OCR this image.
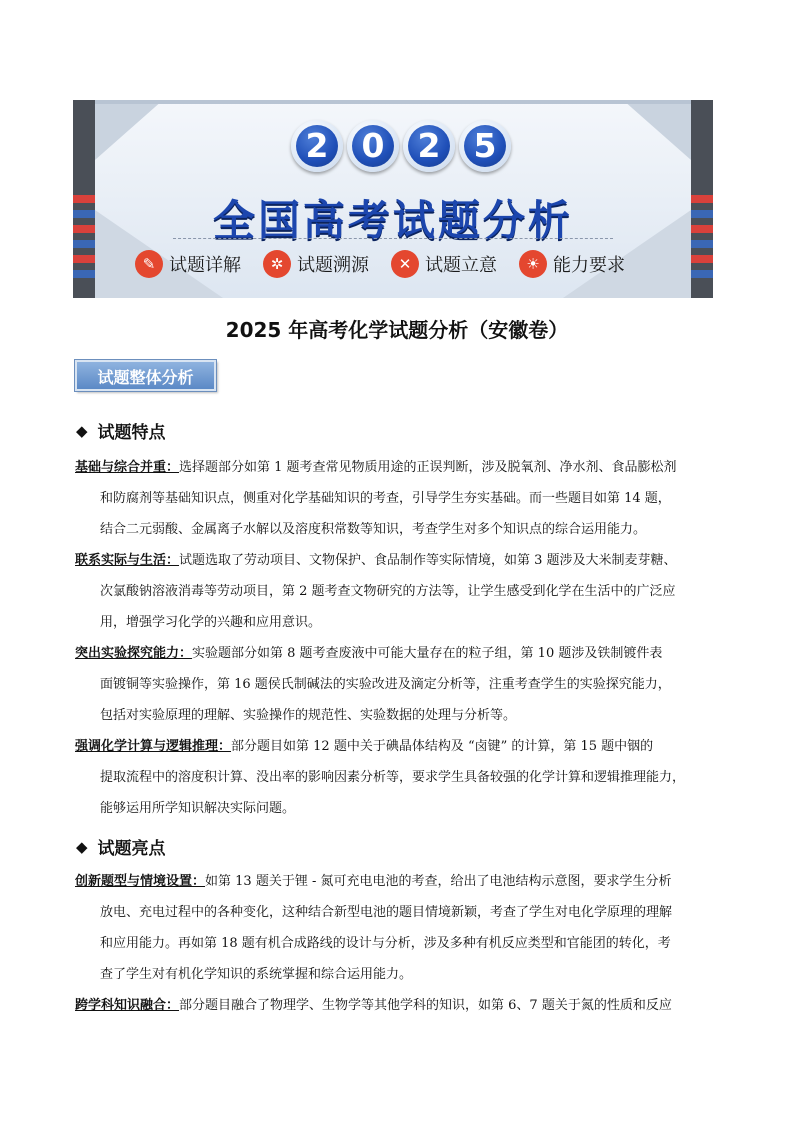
2 0 2 5
全国高考试题分析
✎ 试题详解 ✲ 试题溯源 ✕ 试题立意 ☀ 能力要求
2025 年高考化学试题分析（安徽卷）
试题整体分析
◆ 试题特点
基础与综合并重：选择题部分如第 1 题考查常见物质用途的正误判断，涉及脱氧剂、净水剂、食品膨松剂
和防腐剂等基础知识点，侧重对化学基础知识的考查，引导学生夯实基础。而一些题目如第 14 题，
结合二元弱酸、金属离子水解以及溶度积常数等知识，考查学生对多个知识点的综合运用能力。
联系实际与生活：试题选取了劳动项目、文物保护、食品制作等实际情境，如第 3 题涉及大米制麦芽糖、
次氯酸钠溶液消毒等劳动项目，第 2 题考查文物研究的方法等，让学生感受到化学在生活中的广泛应
用，增强学习化学的兴趣和应用意识。
突出实验探究能力：实验题部分如第 8 题考查废液中可能大量存在的粒子组，第 10 题涉及铁制镀件表
面镀铜等实验操作，第 16 题侯氏制碱法的实验改进及滴定分析等，注重考查学生的实验探究能力，
包括对实验原理的理解、实验操作的规范性、实验数据的处理与分析等。
强调化学计算与逻辑推理：部分题目如第 12 题中关于碘晶体结构及 “卤键” 的计算，第 15 题中铟的
提取流程中的溶度积计算、没出率的影响因素分析等，要求学生具备较强的化学计算和逻辑推理能力，
能够运用所学知识解决实际问题。
◆ 试题亮点
创新题型与情境设置：如第 13 题关于锂 - 氮可充电电池的考查，给出了电池结构示意图，要求学生分析
放电、充电过程中的各种变化，这种结合新型电池的题目情境新颖，考查了学生对电化学原理的理解
和应用能力。再如第 18 题有机合成路线的设计与分析，涉及多种有机反应类型和官能团的转化，考
查了学生对有机化学知识的系统掌握和综合运用能力。
跨学科知识融合：部分题目融合了物理学、生物学等其他学科的知识，如第 6、7 题关于氮的性质和反应
